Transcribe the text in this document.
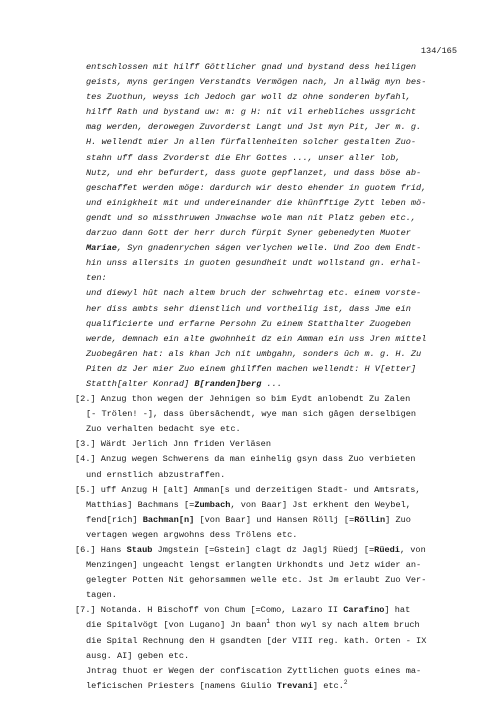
134/165
entschlossen mit hilff Göttlicher gnad und bystand dess heiligen
geists, myns geringen Verstandts Vermögen nach, Jn allwäg myn bes-
tes Zuothun, weyss ich Jedoch gar woll dz ohne sonderen byfahl,
hilff Rath und bystand uw: m: g H: nit vil erhebliches ussgricht
mag werden, derowegen Zuvorderst Langt und Jst myn Pit, Jer m. g.
H. wellendt mier Jn allen fürfallenheiten solcher gestalten Zuo-
stahn uff dass Zvorderst die Ehr Gottes ..., unser aller lob,
Nutz, und ehr befurdert, dass guote gepflanzet, und dass böse ab-
geschaffet werden möge: dardurch wir desto ehender in guotem frid,
und einigkheit mit und undereinander die khünfftige Zytt leben mö-
gendt und so missthruwen Jnwachse wole man nit Platz geben etc.,
darzuo dann Gott der herr durch fürpit Syner gebenedyten Muoter
Mariae, Syn gnadenrychen ságen verlychen welle. Und Zoo dem Endt-
hin unss allersits in guoten gesundheit undt wollstand gn. erhal-
ten:
und diewyl hût nach altem bruch der schwehrtag etc. einem vorste-
her diss ambts sehr dienstlich und vortheilig ist, dass Jme ein
qualificierte und erfarne Persohn Zu einem Statthalter Zuogeben
werde, demnach ein alte gwohnheit dz ein Amman ein uss Jren mittel
Zuobegâren hat: als khan Jch nit umbgahn, sonders ûch m. g. H. Zu
Piten dz Jer mier Zuo einem ghilffen machen wellendt: H V[etter]
Statth[alter Konrad] B[randen]berg ...
[2.] Anzug thon wegen der Jehnigen so bim Eydt anlobendt Zu Zalen
[- Trölen! -], dass ûbersâchendt, wye man sich gâgen derselbigen
Zuo verhalten bedacht sye etc.
[3.] Wärdt Jerlich Jnn friden Verläsen
[4.] Anzug wegen Schwerens da man einhelig gsyn dass Zuo verbieten
und ernstlich abzustraffen.
[5.] uff Anzug H [alt] Amman[s und derzeitigen Stadt- und Amtsrats,
Matthias] Bachmans [=Zumbach, von Baar] Jst erkhent den Weybel,
fend[rich] Bachman[n] [von Baar] und Hansen Röllj [=Röllin] Zuo
vertagen wegen argwohns dess Trölens etc.
[6.] Hans Staub Jmgstein [=Gstein] clagt dz Jaglj Rüedj [=Rüedi, von
Menzingen] ungeacht lengst erlangten Urkhondts und Jetz wider an-
gelegter Potten Nit gehorsammen welle etc. Jst Jm erlaubt Zuo Ver-
tagen.
[7.] Notanda. H Bischoff von Chum [=Como, Lazaro II Carafino] hat
die Spitalvögt [von Lugano] Jn baan$^1$ thon wyl sy nach altem bruch
die Spital Rechnung den H gsandten [der VIII reg. kath. Orten - IX
ausg. AI] geben etc.
Jntrag thuot er Wegen der confiscation Zyttlichen guots eines ma-
leficischen Priesters [namens Giulio Trevani] etc.$^2$
